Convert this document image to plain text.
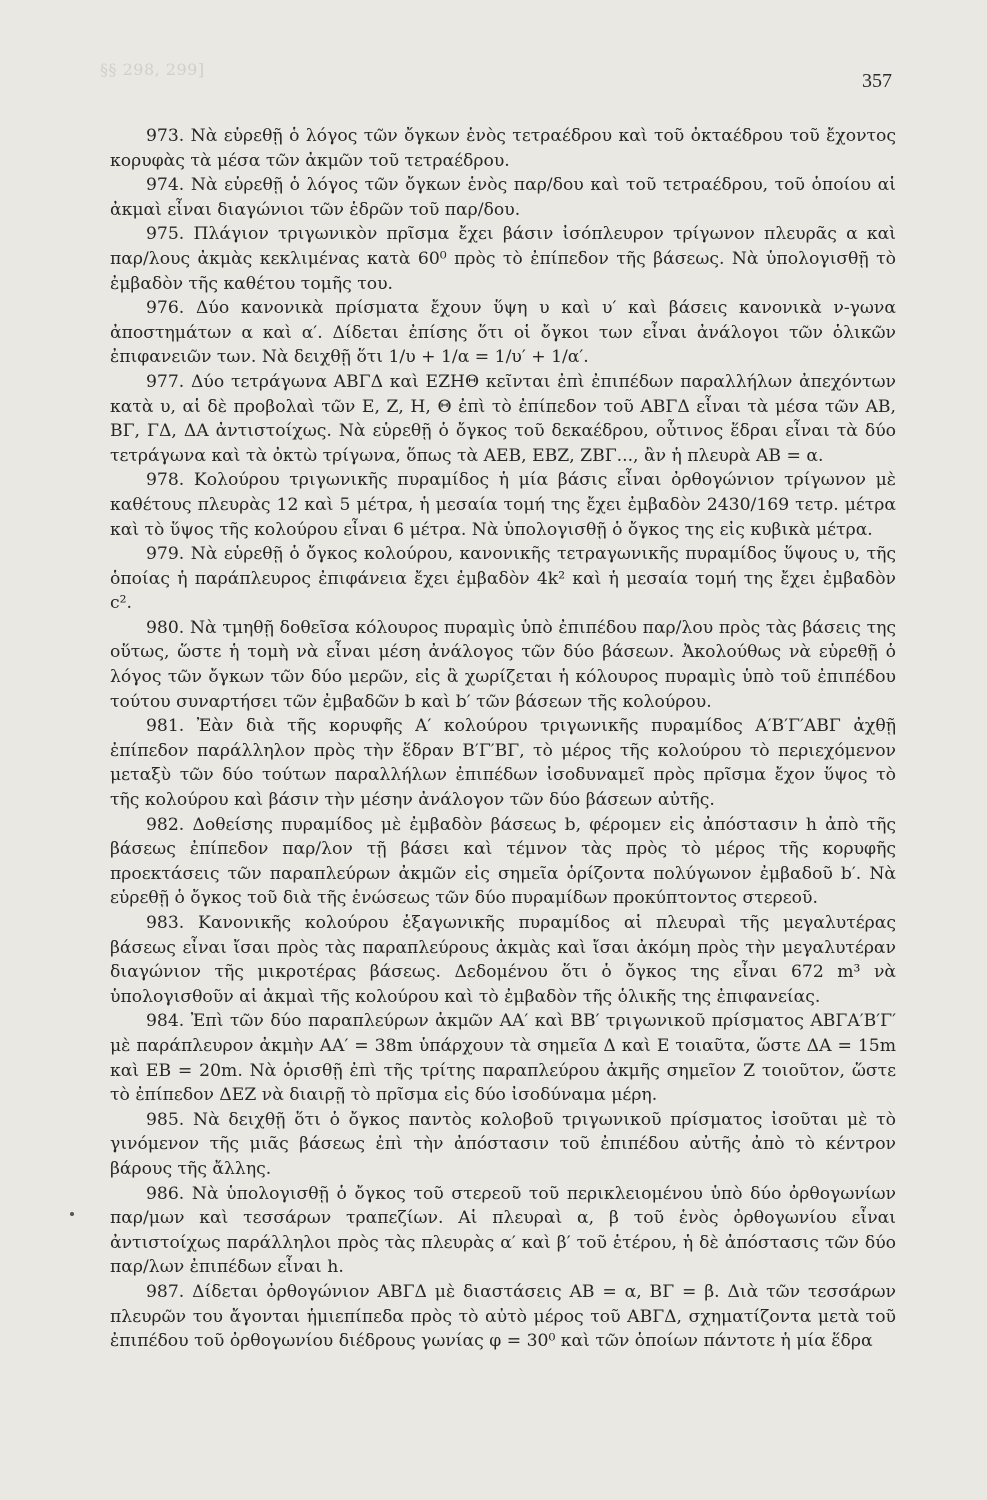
§§ 298, 299]
357

973. Νὰ εὑρεθῇ ὁ λόγος τῶν ὄγκων ἑνὸς τετραέδρου καὶ τοῦ ὀκταέδρου τοῦ ἔχοντος κορυφὰς τὰ μέσα τῶν ἀκμῶν τοῦ τετραέδρου.

974. Νὰ εὑρεθῇ ὁ λόγος τῶν ὄγκων ἑνὸς παρ/δου καὶ τοῦ τετραέδρου, τοῦ ὁποίου αἱ ἀκμαὶ εἶναι διαγώνιοι τῶν ἑδρῶν τοῦ παρ/δου.

975. Πλάγιον τριγωνικὸν πρῖσμα ἔχει βάσιν ἰσόπλευρον τρίγωνον πλευρᾶς α καὶ παρ/λους ἀκμὰς κεκλιμένας κατὰ 60⁰ πρὸς τὸ ἐπίπεδον τῆς βάσεως. Νὰ ὑπολογισθῇ τὸ ἐμβαδὸν τῆς καθέτου τομῆς του.

976. Δύο κανονικὰ πρίσματα ἔχουν ὕψη υ καὶ υ′ καὶ βάσεις κανονικὰ ν-γωνα ἀποστημάτων α καὶ α′. Δίδεται ἐπίσης ὅτι οἱ ὄγκοι των εἶναι ἀνάλογοι τῶν ὁλικῶν ἐπιφανειῶν των. Νὰ δειχθῇ ὅτι 1/υ + 1/α = 1/υ′ + 1/α′.

977. Δύο τετράγωνα ΑΒΓΔ καὶ ΕΖΗΘ κεῖνται ἐπὶ ἐπιπέδων παραλλήλων ἀπεχόντων κατὰ υ, αἱ δὲ προβολαὶ τῶν Ε, Ζ, Η, Θ ἐπὶ τὸ ἐπίπεδον τοῦ ΑΒΓΔ εἶναι τὰ μέσα τῶν ΑΒ, ΒΓ, ΓΔ, ΔΑ ἀντιστοίχως. Νὰ εὑρεθῇ ὁ ὄγκος τοῦ δεκαέδρου, οὗτινος ἕδραι εἶναι τὰ δύο τετράγωνα καὶ τὰ ὀκτὼ τρίγωνα, ὅπως τὰ ΑΕΒ, ΕΒΖ, ΖΒΓ..., ἂν ἡ πλευρὰ ΑΒ = α.

978. Κολούρου τριγωνικῆς πυραμίδος ἡ μία βάσις εἶναι ὀρθογώνιον τρίγωνον μὲ καθέτους πλευρὰς 12 καὶ 5 μέτρα, ἡ μεσαία τομή της ἔχει ἐμβαδὸν 2430/169 τετρ. μέτρα καὶ τὸ ὕψος τῆς κολούρου εἶναι 6 μέτρα. Νὰ ὑπολογισθῇ ὁ ὄγκος της εἰς κυβικὰ μέτρα.

979. Νὰ εὑρεθῇ ὁ ὄγκος κολούρου, κανονικῆς τετραγωνικῆς πυραμίδος ὕψους υ, τῆς ὁποίας ἡ παράπλευρος ἐπιφάνεια ἔχει ἐμβαδὸν 4k² καὶ ἡ μεσαία τομή της ἔχει ἐμβαδὸν c².

980. Νὰ τμηθῇ δοθεῖσα κόλουρος πυραμὶς ὑπὸ ἐπιπέδου παρ/λου πρὸς τὰς βάσεις της οὕτως, ὥστε ἡ τομὴ νὰ εἶναι μέση ἀνάλογος τῶν δύο βάσεων. Ἀκολούθως νὰ εὑρεθῇ ὁ λόγος τῶν ὄγκων τῶν δύο μερῶν, εἰς ἃ χωρίζεται ἡ κόλουρος πυραμὶς ὑπὸ τοῦ ἐπιπέδου τούτου συναρτήσει τῶν ἐμβαδῶν b καὶ b′ τῶν βάσεων τῆς κολούρου.

981. Ἐὰν διὰ τῆς κορυφῆς Α′ κολούρου τριγωνικῆς πυραμίδος Α′Β′Γ′ΑΒΓ ἀχθῇ ἐπίπεδον παράλληλον πρὸς τὴν ἕδραν Β′Γ′ΒΓ, τὸ μέρος τῆς κολούρου τὸ περιεχόμενον μεταξὺ τῶν δύο τούτων παραλλήλων ἐπιπέδων ἰσοδυναμεῖ πρὸς πρῖσμα ἔχον ὕψος τὸ τῆς κολούρου καὶ βάσιν τὴν μέσην ἀνάλογον τῶν δύο βάσεων αὐτῆς.

982. Δοθείσης πυραμίδος μὲ ἐμβαδὸν βάσεως b, φέρομεν εἰς ἀπόστασιν h ἀπὸ τῆς βάσεως ἐπίπεδον παρ/λον τῇ βάσει καὶ τέμνον τὰς πρὸς τὸ μέρος τῆς κορυφῆς προεκτάσεις τῶν παραπλεύρων ἀκμῶν εἰς σημεῖα ὁρίζοντα πολύγωνον ἐμβαδοῦ b′. Νὰ εὑρεθῇ ὁ ὄγκος τοῦ διὰ τῆς ἑνώσεως τῶν δύο πυραμίδων προκύπτοντος στερεοῦ.

983. Κανονικῆς κολούρου ἑξαγωνικῆς πυραμίδος αἱ πλευραὶ τῆς μεγαλυτέρας βάσεως εἶναι ἴσαι πρὸς τὰς παραπλεύρους ἀκμὰς καὶ ἴσαι ἀκόμη πρὸς τὴν μεγαλυτέραν διαγώνιον τῆς μικροτέρας βάσεως. Δεδομένου ὅτι ὁ ὄγκος της εἶναι 672 m³ νὰ ὑπολογισθοῦν αἱ ἀκμαὶ τῆς κολούρου καὶ τὸ ἐμβαδὸν τῆς ὁλικῆς της ἐπιφανείας.

984. Ἐπὶ τῶν δύο παραπλεύρων ἀκμῶν ΑΑ′ καὶ ΒΒ′ τριγωνικοῦ πρίσματος ΑΒΓΑ′Β′Γ′ μὲ παράπλευρον ἀκμὴν ΑΑ′ = 38m ὑπάρχουν τὰ σημεῖα Δ καὶ Ε τοιαῦτα, ὥστε ΔΑ = 15m καὶ ΕΒ = 20m. Νὰ ὁρισθῇ ἐπὶ τῆς τρίτης παραπλεύρου ἀκμῆς σημεῖον Ζ τοιοῦτον, ὥστε τὸ ἐπίπεδον ΔΕΖ νὰ διαιρῇ τὸ πρῖσμα εἰς δύο ἰσοδύναμα μέρη.

985. Νὰ δειχθῇ ὅτι ὁ ὄγκος παντὸς κολοβοῦ τριγωνικοῦ πρίσματος ἰσοῦται μὲ τὸ γινόμενον τῆς μιᾶς βάσεως ἐπὶ τὴν ἀπόστασιν τοῦ ἐπιπέδου αὐτῆς ἀπὸ τὸ κέντρον βάρους τῆς ἄλλης.

986. Νὰ ὑπολογισθῇ ὁ ὄγκος τοῦ στερεοῦ τοῦ περικλειομένου ὑπὸ δύο ὀρθογωνίων παρ/μων καὶ τεσσάρων τραπεζίων. Αἱ πλευραὶ α, β τοῦ ἑνὸς ὀρθογωνίου εἶναι ἀντιστοίχως παράλληλοι πρὸς τὰς πλευρὰς α′ καὶ β′ τοῦ ἑτέρου, ἡ δὲ ἀπόστασις τῶν δύο παρ/λων ἐπιπέδων εἶναι h.

987. Δίδεται ὀρθογώνιον ΑΒΓΔ μὲ διαστάσεις ΑΒ = α, ΒΓ = β. Διὰ τῶν τεσσάρων πλευρῶν του ἄγονται ἡμιεπίπεδα πρὸς τὸ αὐτὸ μέρος τοῦ ΑΒΓΔ, σχηματίζοντα μετὰ τοῦ ἐπιπέδου τοῦ ὀρθογωνίου διέδρους γωνίας φ = 30⁰ καὶ τῶν ὁποίων πάντοτε ἡ μία ἕδρα
